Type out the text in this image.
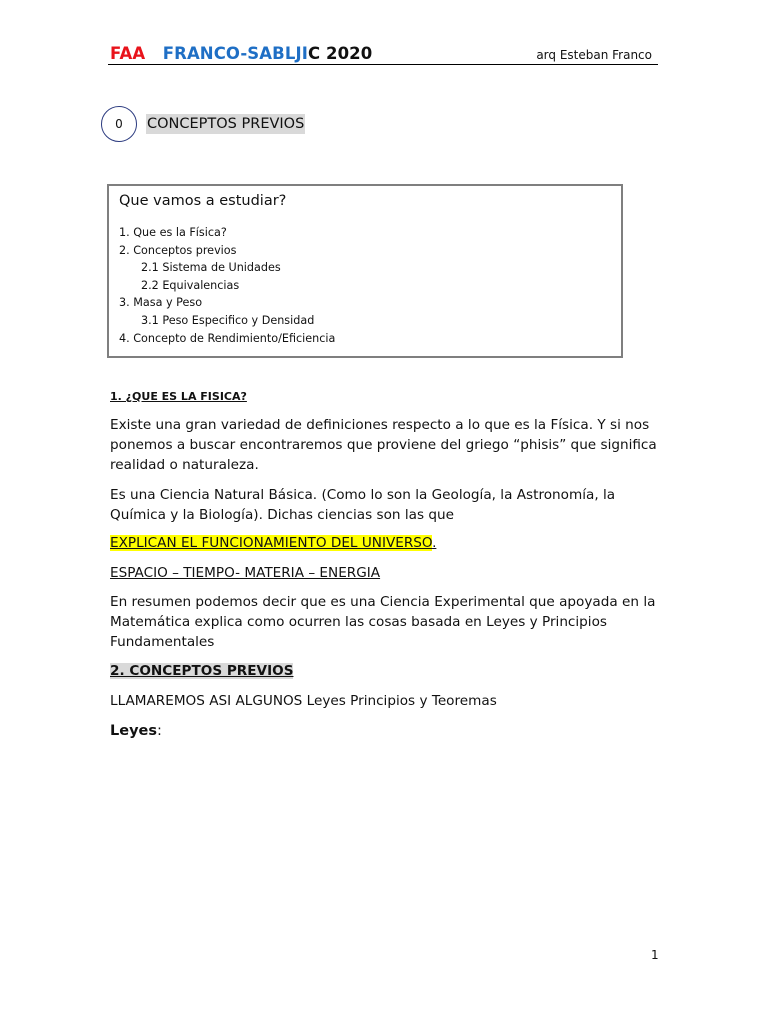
FAA FRANCO-SABLJIC 2020	arq Esteban Franco
0 CONCEPTOS PREVIOS
Que vamos a estudiar?
1. Que es la Física?
2. Conceptos previos
2.1 Sistema de Unidades
2.2 Equivalencias
3. Masa y Peso
3.1 Peso Especifico y Densidad
4. Concepto de Rendimiento/Eficiencia
1. ¿QUE ES LA FISICA?

Existe una gran variedad de definiciones respecto a lo que es la Física. Y si nos ponemos a buscar encontraremos que proviene del griego “phisis” que significa realidad o naturaleza.

Es una Ciencia Natural Básica. (Como lo son la Geología, la Astronomía, la Química y la Biología). Dichas ciencias son las que

EXPLICAN EL FUNCIONAMIENTO DEL UNIVERSO.
ESPACIO – TIEMPO- MATERIA – ENERGIA

En resumen podemos decir que es una Ciencia Experimental que apoyada en la Matemática explica como ocurren las cosas basada en Leyes y Principios Fundamentales

2. CONCEPTOS PREVIOS

LLAMAREMOS ASI ALGUNOS Leyes Principios y Teoremas

Leyes:
1
